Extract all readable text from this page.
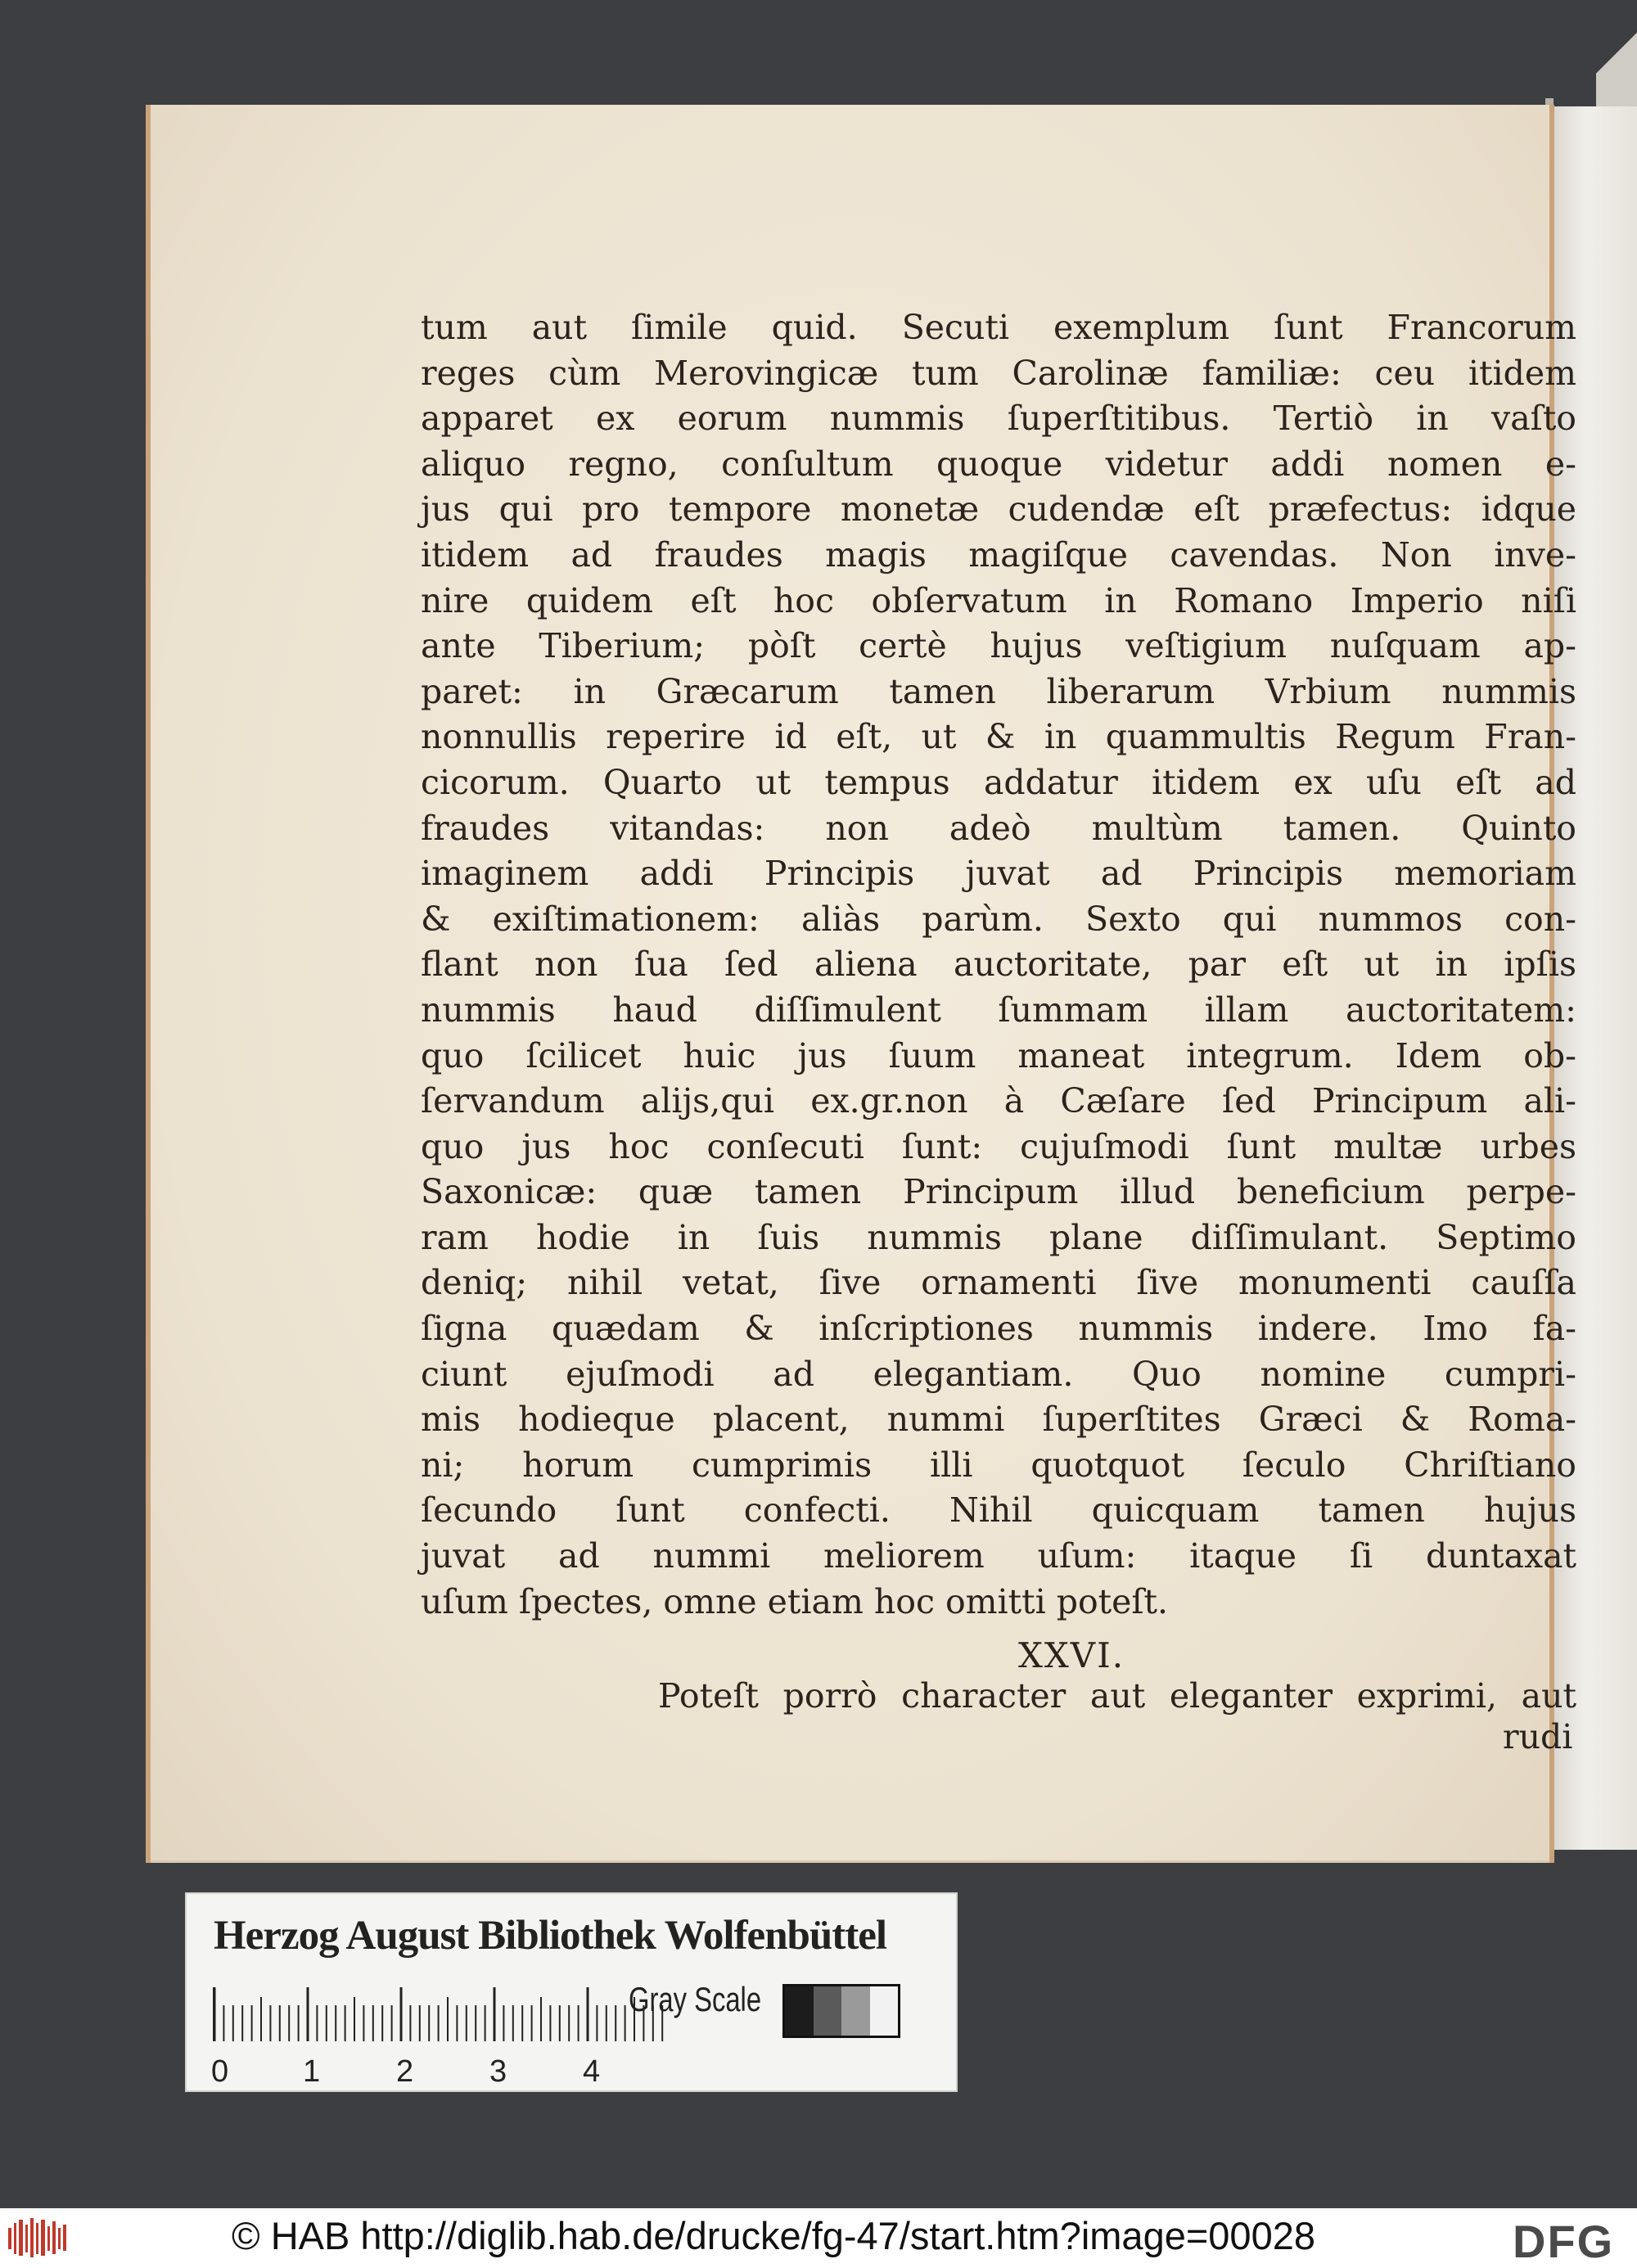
tum aut ſimile quid. Secuti exemplum ſunt Francorum
reges cùm Merovingicæ tum Carolinæ familiæ: ceu itidem
apparet ex eorum nummis ſuperſtitibus. Tertiò in vaſto
aliquo regno, conſultum quoque videtur addi nomen e-
jus qui pro tempore monetæ cudendæ eſt præfectus: idque
itidem ad fraudes magis magiſque cavendas. Non inve-
nire quidem eſt hoc obſervatum in Romano Imperio niſi
ante Tiberium; pòſt certè hujus veſtigium nuſquam ap-
paret: in Græcarum tamen liberarum Vrbium nummis
nonnullis reperire id eſt, ut & in quammultis Regum Fran-
cicorum. Quarto ut tempus addatur itidem ex uſu eſt ad
fraudes vitandas: non adeò multùm tamen. Quinto
imaginem addi Principis juvat ad Principis memoriam
& exiſtimationem: aliàs parùm. Sexto qui nummos con-
flant non ſua ſed aliena auctoritate, par eſt ut in ipſis
nummis haud diſſimulent ſummam illam auctoritatem:
quo ſcilicet huic jus ſuum maneat integrum. Idem ob-
ſervandum alijs,qui ex.gr.non à Cæſare ſed Principum ali-
quo jus hoc conſecuti ſunt: cujuſmodi ſunt multæ urbes
Saxonicæ: quæ tamen Principum illud beneficium perpe-
ram hodie in ſuis nummis plane diſſimulant. Septimo
deniq; nihil vetat, ſive ornamenti ſive monumenti cauſſa
ſigna quædam & inſcriptiones nummis indere. Imo fa-
ciunt ejuſmodi ad elegantiam. Quo nomine cumpri-
mis hodieque placent, nummi ſuperſtites Græci & Roma-
ni; horum cumprimis illi quotquot ſeculo Chriſtiano
ſecundo ſunt confecti. Nihil quicquam tamen hujus
juvat ad nummi meliorem uſum: itaque ſi duntaxat
uſum ſpectes, omne etiam hoc omitti poteſt.
XXVI.
Poteſt porrò character aut eleganter exprimi, aut
rudi
Herzog August Bibliothek Wolfenbüttel
Gray Scale
0 1 2 3 4
© HAB http://diglib.hab.de/drucke/fg-47/start.htm?image=00028	DFG
